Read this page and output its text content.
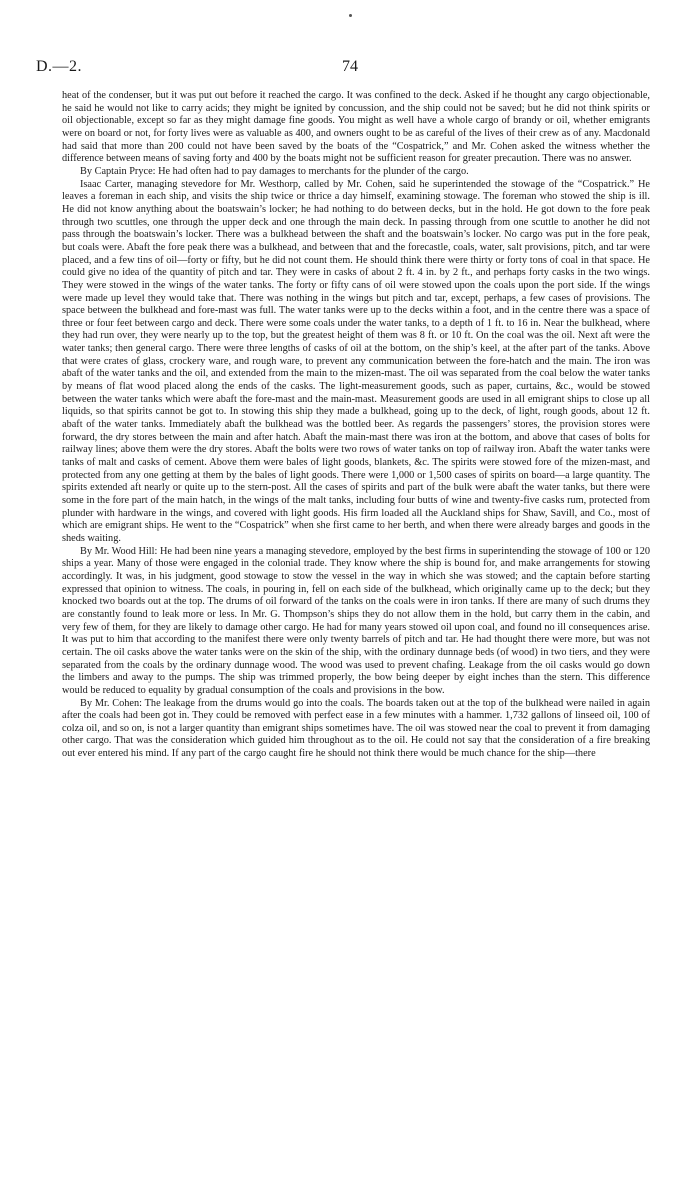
D.—2.	74

heat of the condenser, but it was put out before it reached the cargo. It was confined to the deck. Asked if he thought any cargo objectionable, he said he would not like to carry acids; they might be ignited by concussion, and the ship could not be saved; but he did not think spirits or oil objectionable, except so far as they might damage fine goods. You might as well have a whole cargo of brandy or oil, whether emigrants were on board or not, for forty lives were as valuable as 400, and owners ought to be as careful of the lives of their crew as of any. Macdonald had said that more than 200 could not have been saved by the boats of the “Cospatrick,” and Mr. Cohen asked the witness whether the difference between means of saving forty and 400 by the boats might not be sufficient reason for greater precaution. There was no answer.

By Captain Pryce: He had often had to pay damages to merchants for the plunder of the cargo.

Isaac Carter, managing stevedore for Mr. Westhorp, called by Mr. Cohen, said he superintended the stowage of the “Cospatrick.” He leaves a foreman in each ship, and visits the ship twice or thrice a day himself, examining stowage. The foreman who stowed the ship is ill. He did not know anything about the boatswain’s locker; he had nothing to do between decks, but in the hold. He got down to the fore peak through two scuttles, one through the upper deck and one through the main deck. In passing through from one scuttle to another he did not pass through the boatswain’s locker. There was a bulkhead between the shaft and the boatswain’s locker. No cargo was put in the fore peak, but coals were. Abaft the fore peak there was a bulkhead, and between that and the forecastle, coals, water, salt provisions, pitch, and tar were placed, and a few tins of oil—forty or fifty, but he did not count them. He should think there were thirty or forty tons of coal in that space. He could give no idea of the quantity of pitch and tar. They were in casks of about 2 ft. 4 in. by 2 ft., and perhaps forty casks in the two wings. They were stowed in the wings of the water tanks. The forty or fifty cans of oil were stowed upon the coals upon the port side. If the wings were made up level they would take that. There was nothing in the wings but pitch and tar, except, perhaps, a few cases of provisions. The space between the bulkhead and fore-mast was full. The water tanks were up to the decks within a foot, and in the centre there was a space of three or four feet between cargo and deck. There were some coals under the water tanks, to a depth of 1 ft. to 16 in. Near the bulkhead, where they had run over, they were nearly up to the top, but the greatest height of them was 8 ft. or 10 ft. On the coal was the oil. Next aft were the water tanks; then general cargo. There were three lengths of casks of oil at the bottom, on the ship’s keel, at the after part of the tanks. Above that were crates of glass, crockery ware, and rough ware, to prevent any communication between the fore-hatch and the main. The iron was abaft of the water tanks and the oil, and extended from the main to the mizen-mast. The oil was separated from the coal below the water tanks by means of flat wood placed along the ends of the casks. The light-measurement goods, such as paper, curtains, &c., would be stowed between the water tanks which were abaft the fore-mast and the main-mast. Measurement goods are used in all emigrant ships to close up all liquids, so that spirits cannot be got to. In stowing this ship they made a bulkhead, going up to the deck, of light, rough goods, about 12 ft. abaft of the water tanks. Immediately abaft the bulkhead was the bottled beer. As regards the passengers’ stores, the provision stores were forward, the dry stores between the main and after hatch. Abaft the main-mast there was iron at the bottom, and above that cases of bolts for railway lines; above them were the dry stores. Abaft the bolts were two rows of water tanks on top of railway iron. Abaft the water tanks were tanks of malt and casks of cement. Above them were bales of light goods, blankets, &c. The spirits were stowed fore of the mizen-mast, and protected from any one getting at them by the bales of light goods. There were 1,000 or 1,500 cases of spirits on board—a large quantity. The spirits extended aft nearly or quite up to the stern-post. All the cases of spirits and part of the bulk were abaft the water tanks, but there were some in the fore part of the main hatch, in the wings of the malt tanks, including four butts of wine and twenty-five casks rum, protected from plunder with hardware in the wings, and covered with light goods. His firm loaded all the Auckland ships for Shaw, Savill, and Co., most of which are emigrant ships. He went to the “Cospatrick” when she first came to her berth, and when there were already barges and goods in the sheds waiting.

By Mr. Wood Hill: He had been nine years a managing stevedore, employed by the best firms in superintending the stowage of 100 or 120 ships a year. Many of those were engaged in the colonial trade. They know where the ship is bound for, and make arrangements for stowing accordingly. It was, in his judgment, good stowage to stow the vessel in the way in which she was stowed; and the captain before starting expressed that opinion to witness. The coals, in pouring in, fell on each side of the bulkhead, which originally came up to the deck; but they knocked two boards out at the top. The drums of oil forward of the tanks on the coals were in iron tanks. If there are many of such drums they are constantly found to leak more or less. In Mr. G. Thompson’s ships they do not allow them in the hold, but carry them in the cabin, and very few of them, for they are likely to damage other cargo. He had for many years stowed oil upon coal, and found no ill consequences arise. It was put to him that according to the manifest there were only twenty barrels of pitch and tar. He had thought there were more, but was not certain. The oil casks above the water tanks were on the skin of the ship, with the ordinary dunnage beds (of wood) in two tiers, and they were separated from the coals by the ordinary dunnage wood. The wood was used to prevent chafing. Leakage from the oil casks would go down the limbers and away to the pumps. The ship was trimmed properly, the bow being deeper by eight inches than the stern. This difference would be reduced to equality by gradual consumption of the coals and provisions in the bow.

By Mr. Cohen: The leakage from the drums would go into the coals. The boards taken out at the top of the bulkhead were nailed in again after the coals had been got in. They could be removed with perfect ease in a few minutes with a hammer. 1,732 gallons of linseed oil, 100 of colza oil, and so on, is not a larger quantity than emigrant ships sometimes have. The oil was stowed near the coal to prevent it from damaging other cargo. That was the consideration which guided him throughout as to the oil. He could not say that the consideration of a fire breaking out ever entered his mind. If any part of the cargo caught fire he should not think there would be much chance for the ship—there
